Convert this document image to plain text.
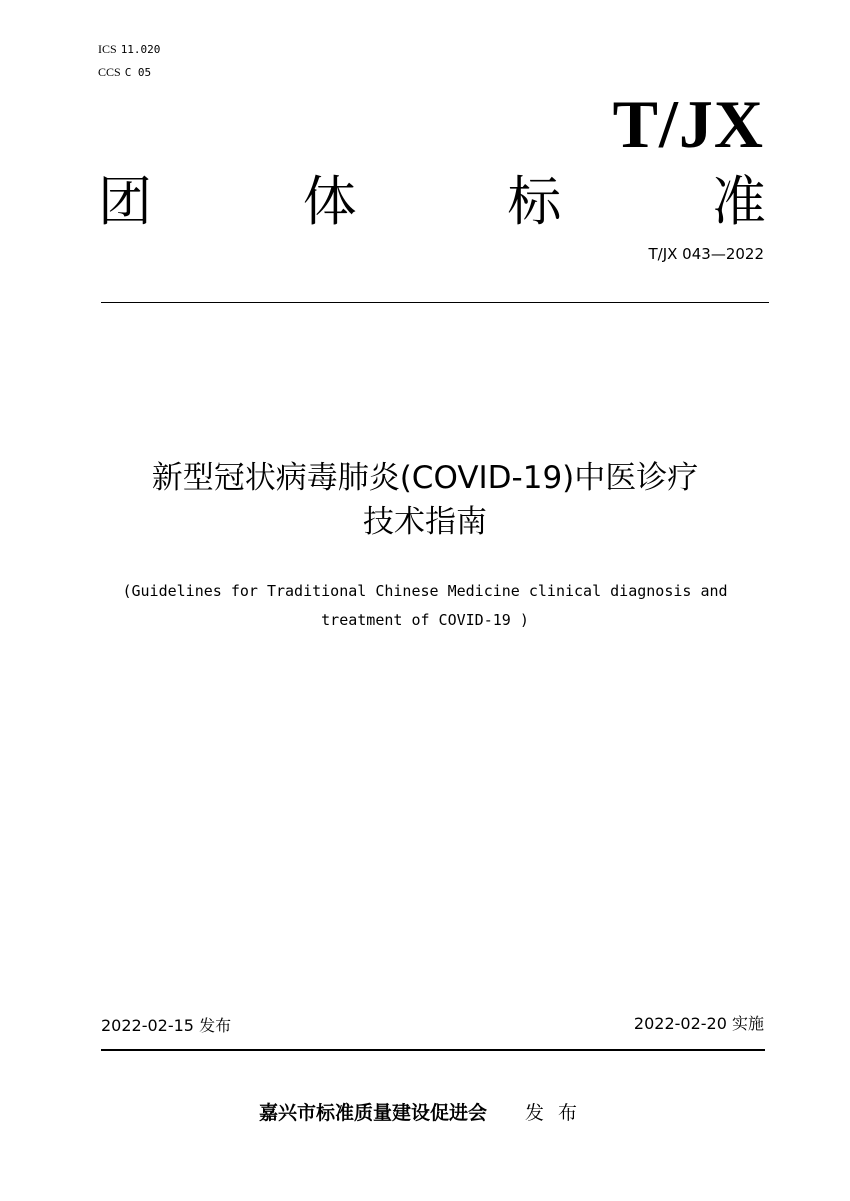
ICS 11.020
CCS C 05
T/JX
团	体	标	准
T/JX 043—2022
新型冠状病毒肺炎(COVID-19)中医诊疗
技术指南
(Guidelines for Traditional Chinese Medicine clinical diagnosis and
treatment of COVID-19 )
2022-02-15 发布	2022-02-20 实施
嘉兴市标准质量建设促进会 发布
